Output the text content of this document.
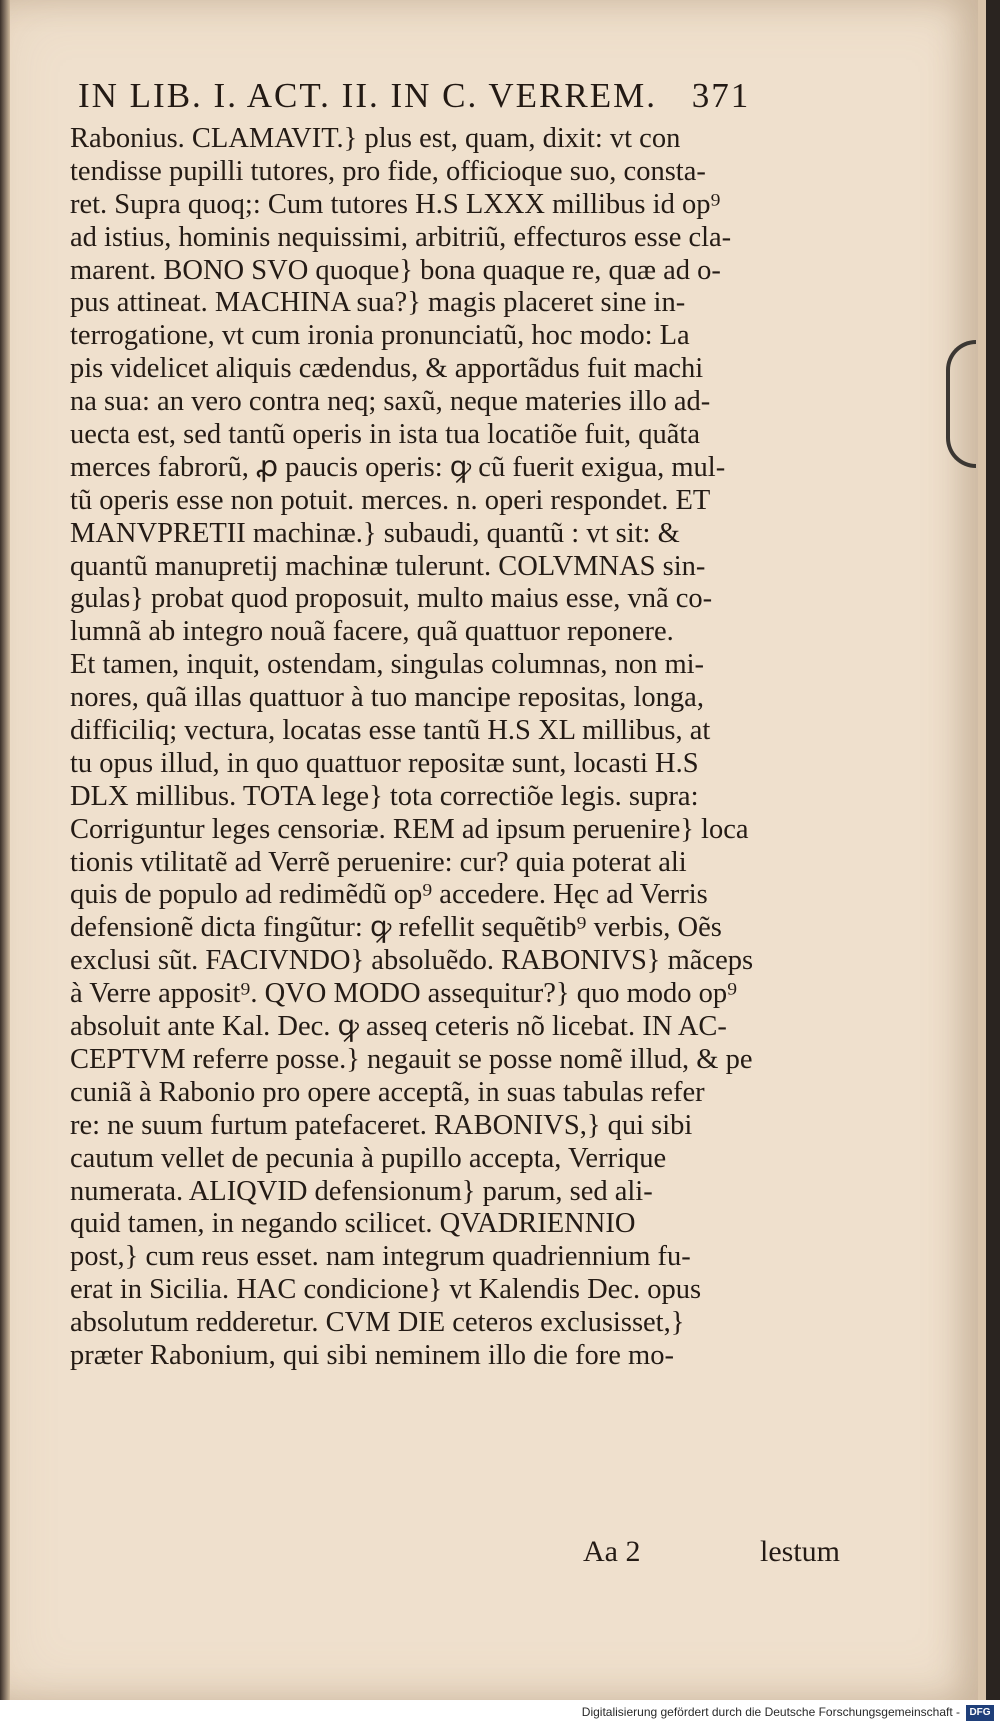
IN LIB. I. ACT. II. IN C. VERREM. 371
Rabonius. CLAMAVIT.} plus est, quam, dixit: vt con
tendisse pupilli tutores, pro fide, officioque suo, consta-
ret. Supra quoq;: Cum tutores H.S LXXX millibus id op⁹
ad istius, hominis nequissimi, arbitriũ, effecturos esse cla-
marent. BONO SVO quoque} bona quaque re, quæ ad o-
pus attineat. MACHINA sua?} magis placeret sine in-
terrogatione, vt cum ironia pronunciatũ, hoc modo: La
pis videlicet aliquis cædendus, & apportãdus fuit machi
na sua: an vero contra neq; saxũ, neque materies illo ad-
uecta est, sed tantũ operis in ista tua locatiõe fuit, quãta
merces fabrorũ, ꝓ paucis operis: ꝙ cũ fuerit exigua, mul-
tũ operis esse non potuit. merces. n. operi respondet. ET
MANVPRETII machinæ.} subaudi, quantũ : vt sit: &
quantũ manupretij machinæ tulerunt. COLVMNAS sin-
gulas} probat quod proposuit, multo maius esse, vnã co-
lumnã ab integro nouã facere, quã quattuor reponere.
Et tamen, inquit, ostendam, singulas columnas, non mi-
nores, quã illas quattuor à tuo mancipe repositas, longa,
difficiliq; vectura, locatas esse tantũ H.S XL millibus, at
tu opus illud, in quo quattuor repositæ sunt, locasti H.S
DLX millibus. TOTA lege} tota correctiõe legis. supra:
Corriguntur leges censoriæ. REM ad ipsum peruenire} loca
tionis vtilitatẽ ad Verrẽ peruenire: cur? quia poterat ali
quis de populo ad redimẽdũ op⁹ accedere. Hęc ad Verris
defensionẽ dicta fingũtur: ꝙ refellit sequẽtib⁹ verbis, Oẽs
exclusi sũt. FACIVNDO} absoluẽdo. RABONIVS} mãceps
à Verre apposit⁹. QVO MODO assequitur?} quo modo op⁹
absoluit ante Kal. Dec. ꝙ asseq ceteris nõ licebat. IN AC-
CEPTVM referre posse.} negauit se posse nomẽ illud, & pe
cuniã à Rabonio pro opere acceptã, in suas tabulas refer
re: ne suum furtum patefaceret. RABONIVS,} qui sibi
cautum vellet de pecunia à pupillo accepta, Verrique
numerata. ALIQVID defensionum} parum, sed ali-
quid tamen, in negando scilicet. QVADRIENNIO
post,} cum reus esset. nam integrum quadriennium fu-
erat in Sicilia. HAC condicione} vt Kalendis Dec. opus
absolutum redderetur. CVM DIE ceteros exclusisset,}
præter Rabonium, qui sibi neminem illo die fore mo-
Aa 2	lestum
Digitalisierung gefördert durch die Deutsche Forschungsgemeinschaft - DFG
